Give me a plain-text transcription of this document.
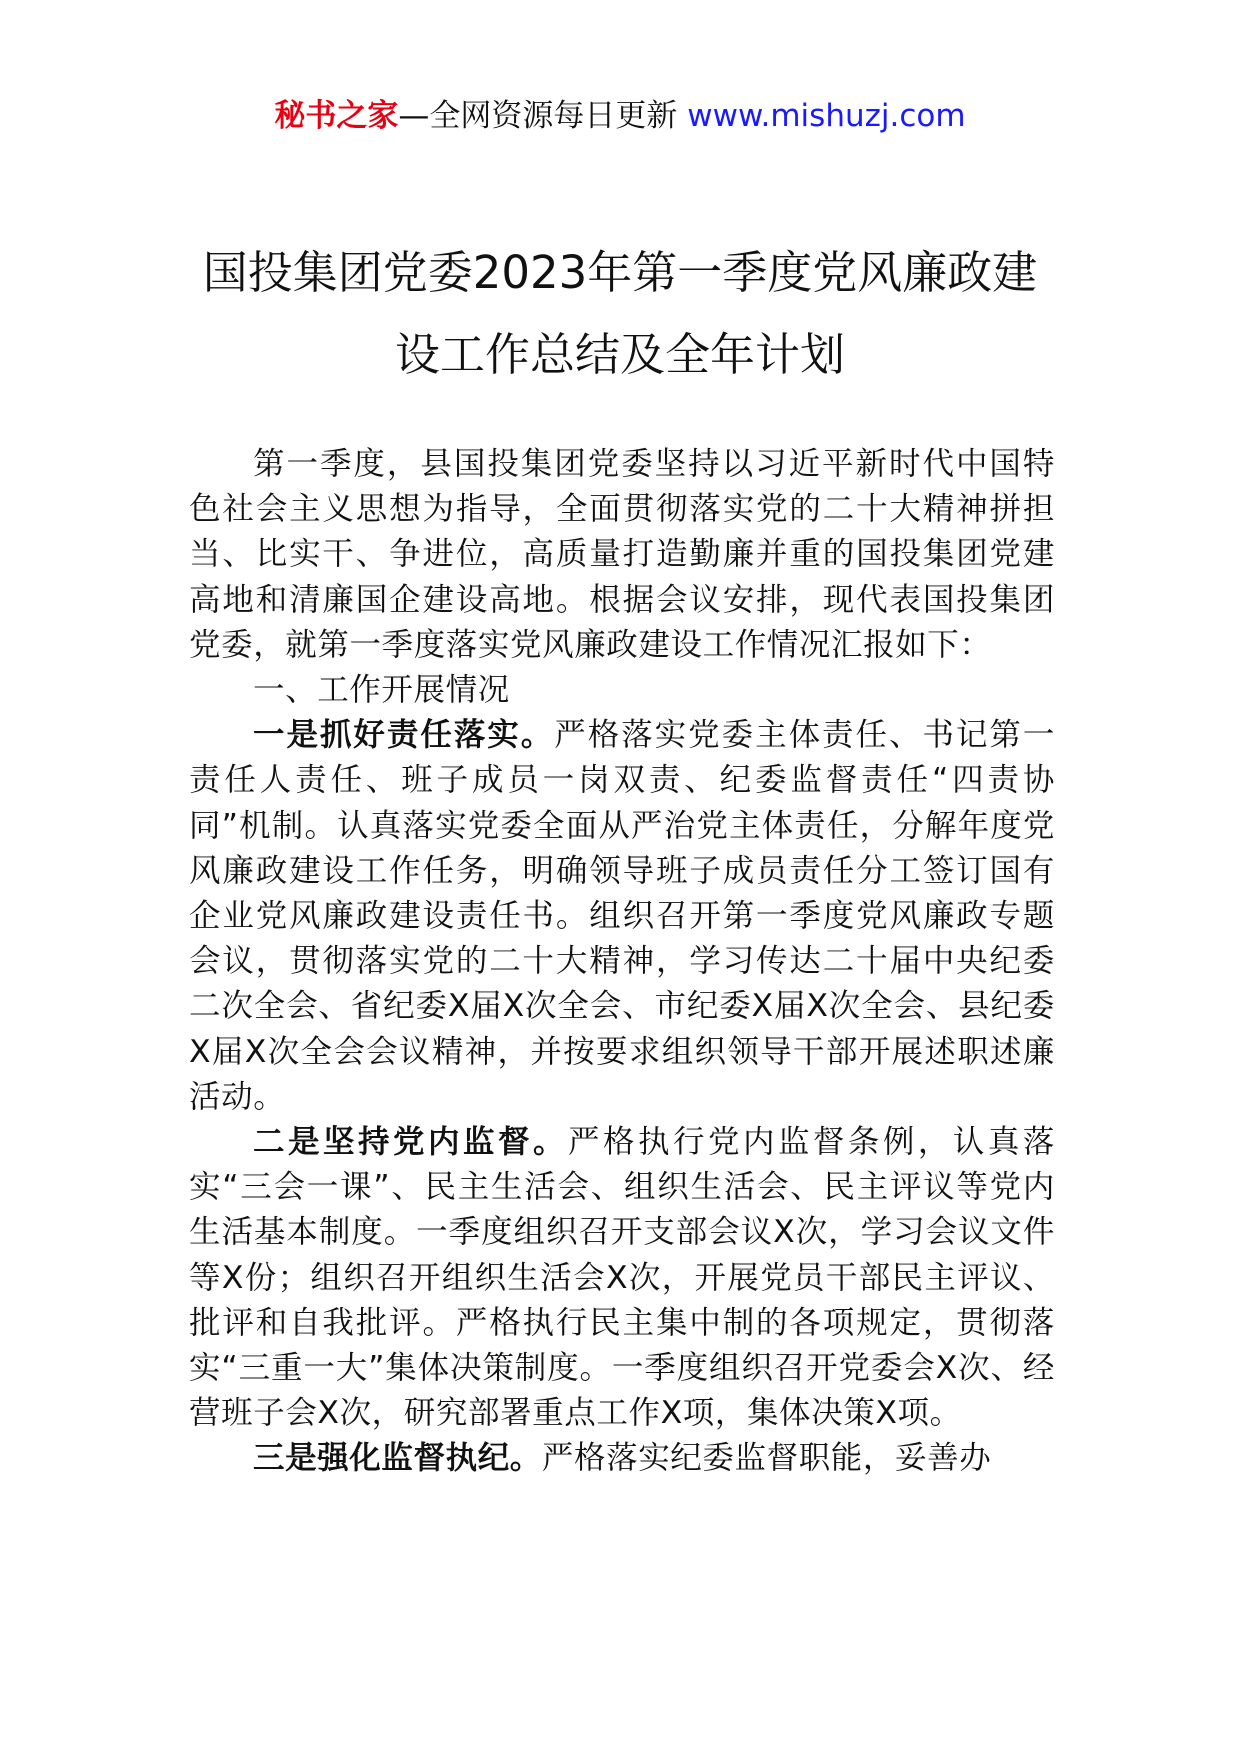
秘书之家—全网资源每日更新 www.mishuzj.com
国投集团党委2023年第一季度党风廉政建
设工作总结及全年计划

第一季度，县国投集团党委坚持以习近平新时代中国特色社会主义思想为指导，全面贯彻落实党的二十大精神拼担当、比实干、争进位，高质量打造勤廉并重的国投集团党建高地和清廉国企建设高地。根据会议安排，现代表国投集团党委，就第一季度落实党风廉政建设工作情况汇报如下：

一、工作开展情况

一是抓好责任落实。严格落实党委主体责任、书记第一责任人责任、班子成员一岗双责、纪委监督责任“四责协同”机制。认真落实党委全面从严治党主体责任，分解年度党风廉政建设工作任务，明确领导班子成员责任分工签订国有企业党风廉政建设责任书。组织召开第一季度党风廉政专题会议，贯彻落实党的二十大精神，学习传达二十届中央纪委二次全会、省纪委X届X次全会、市纪委X届X次全会、县纪委X届X次全会会议精神，并按要求组织领导干部开展述职述廉活动。

二是坚持党内监督。严格执行党内监督条例，认真落实“三会一课”、民主生活会、组织生活会、民主评议等党内生活基本制度。一季度组织召开支部会议X次，学习会议文件等X份；组织召开组织生活会X次，开展党员干部民主评议、批评和自我批评。严格执行民主集中制的各项规定，贯彻落实“三重一大”集体决策制度。一季度组织召开党委会X次、经营班子会X次，研究部署重点工作X项，集体决策X项。

三是强化监督执纪。严格落实纪委监督职能，妥善办
